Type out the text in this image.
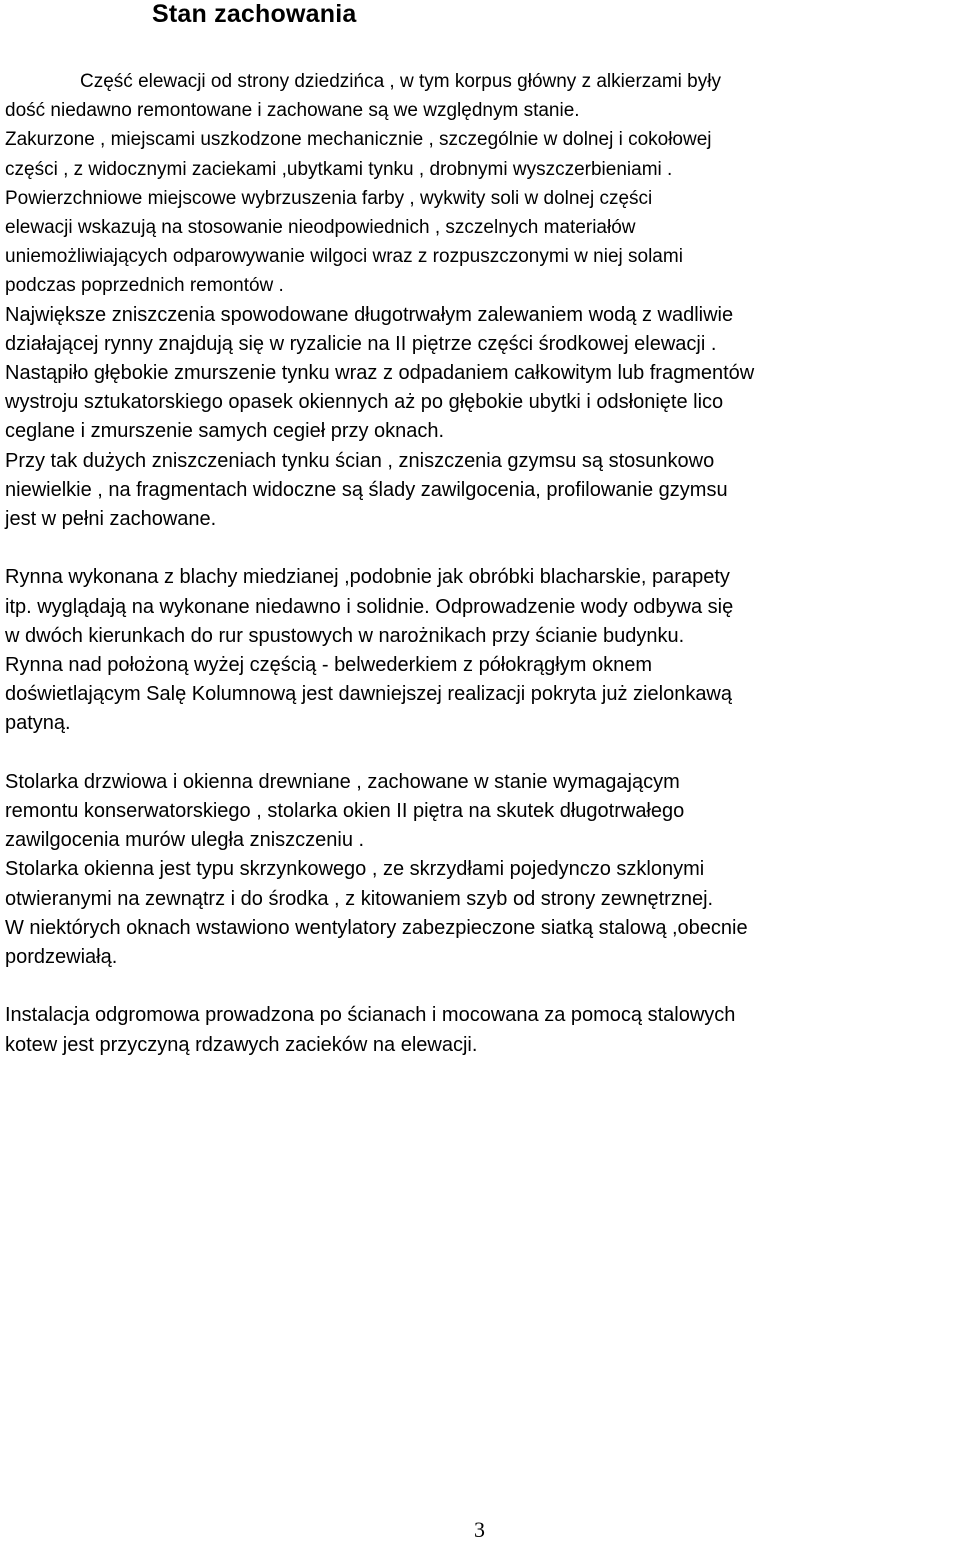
Stan zachowania

Część elewacji od strony dziedzińca , w tym korpus główny z alkierzami były
dość niedawno remontowane i zachowane są we względnym stanie.
Zakurzone , miejscami uszkodzone mechanicznie , szczególnie w dolnej i cokołowej
części , z widocznymi zaciekami ,ubytkami tynku , drobnymi wyszczerbieniami .
Powierzchniowe miejscowe wybrzuszenia farby , wykwity soli w dolnej części
elewacji wskazują na stosowanie nieodpowiednich , szczelnych materiałów
uniemożliwiających odparowywanie wilgoci wraz z rozpuszczonymi w niej solami
podczas poprzednich remontów .

Największe zniszczenia spowodowane długotrwałym zalewaniem wodą z wadliwie
działającej rynny znajdują się w ryzalicie na II piętrze części środkowej elewacji .

Nastąpiło głębokie zmurszenie tynku wraz z odpadaniem całkowitym lub fragmentów
wystroju sztukatorskiego opasek okiennych aż po głębokie ubytki i odsłonięte lico
ceglane i zmurszenie samych cegieł przy oknach.

Przy tak dużych zniszczeniach tynku ścian , zniszczenia gzymsu są stosunkowo
niewielkie , na fragmentach widoczne są ślady zawilgocenia, profilowanie gzymsu
jest w pełni zachowane.

Rynna wykonana z blachy miedzianej ,podobnie jak obróbki blacharskie, parapety
itp. wyglądają na wykonane niedawno i solidnie. Odprowadzenie wody odbywa się
w dwóch kierunkach do rur spustowych w narożnikach przy ścianie budynku.

Rynna nad położoną wyżej częścią - belwederkiem z półokrągłym oknem
doświetlającym Salę Kolumnową jest dawniejszej realizacji pokryta już zielonkawą
patyną.

Stolarka drzwiowa i okienna drewniane , zachowane w stanie wymagającym
remontu konserwatorskiego , stolarka okien II piętra na skutek długotrwałego
zawilgocenia murów uległa zniszczeniu .

Stolarka okienna jest typu skrzynkowego , ze skrzydłami pojedynczo szklonymi
otwieranymi na zewnątrz i do środka , z kitowaniem szyb od strony zewnętrznej.
W niektórych oknach wstawiono wentylatory zabezpieczone siatką stalową ,obecnie
pordzewiałą.

Instalacja odgromowa prowadzona po ścianach i mocowana za pomocą stalowych
kotew jest przyczyną rdzawych zacieków na elewacji.

3
